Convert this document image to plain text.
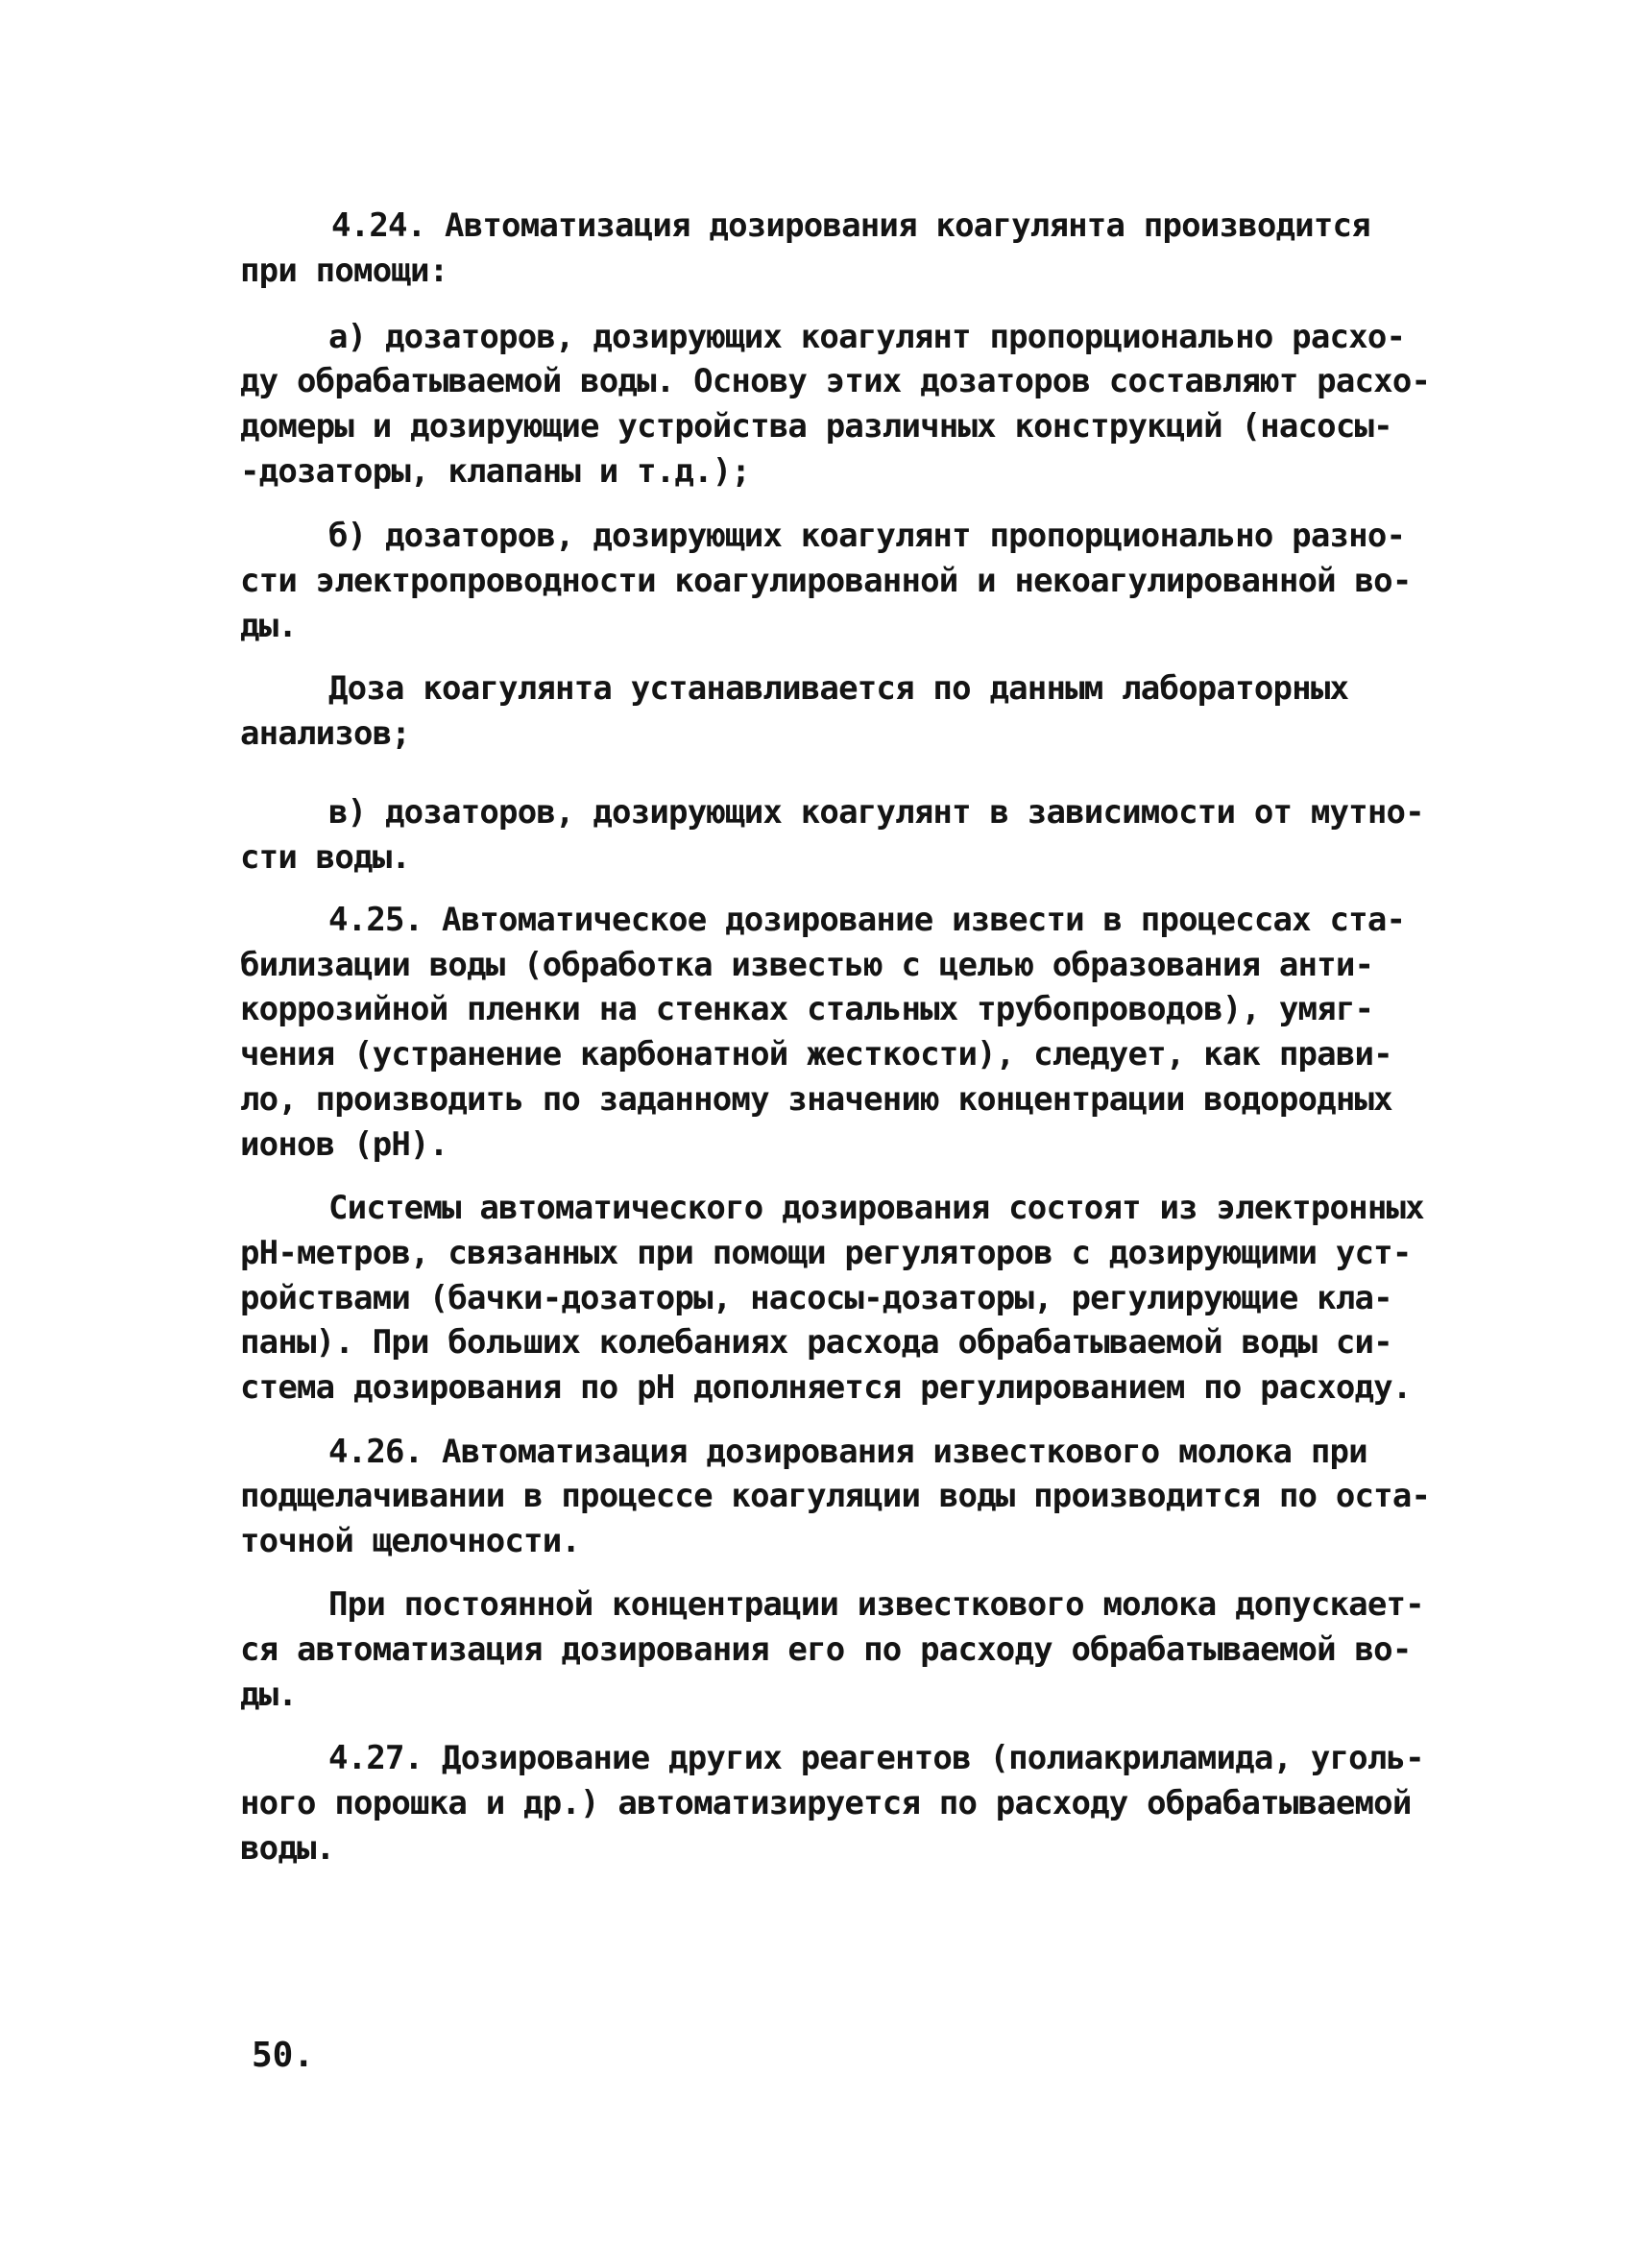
4.24. Автоматизация дозирования коагулянта производится
при помощи:
а) дозаторов, дозирующих коагулянт пропорционально расхо-
ду обрабатываемой воды. Основу этих дозаторов составляют расхо-
домеры и дозирующие устройства различных конструкций (насосы-
-дозаторы, клапаны и т.д.);
б) дозаторов, дозирующих коагулянт пропорционально разно-
сти электропроводности коагулированной и некоагулированной во-
ды.
Доза коагулянта устанавливается по данным лабораторных
анализов;
в) дозаторов, дозирующих коагулянт в зависимости от мутно-
сти воды.
4.25. Автоматическое дозирование извести в процессах ста-
билизации воды (обработка известью с целью образования анти-
коррозийной пленки на стенках стальных трубопроводов), умяг-
чения (устранение карбонатной жесткости), следует, как прави-
ло, производить по заданному значению концентрации водородных
ионов (pH).
Системы автоматического дозирования состоят из электронных
pH-метров, связанных при помощи регуляторов с дозирующими уст-
ройствами (бачки-дозаторы, насосы-дозаторы, регулирующие кла-
паны). При больших колебаниях расхода обрабатываемой воды си-
стема дозирования по pH дополняется регулированием по расходу.
4.26. Автоматизация дозирования известкового молока при
подщелачивании в процессе коагуляции воды производится по оста-
точной щелочности.
При постоянной концентрации известкового молока допускает-
ся автоматизация дозирования его по расходу обрабатываемой во-
ды.
4.27. Дозирование других реагентов (полиакриламида, уголь-
ного порошка и др.) автоматизируется по расходу обрабатываемой
воды.
50.
